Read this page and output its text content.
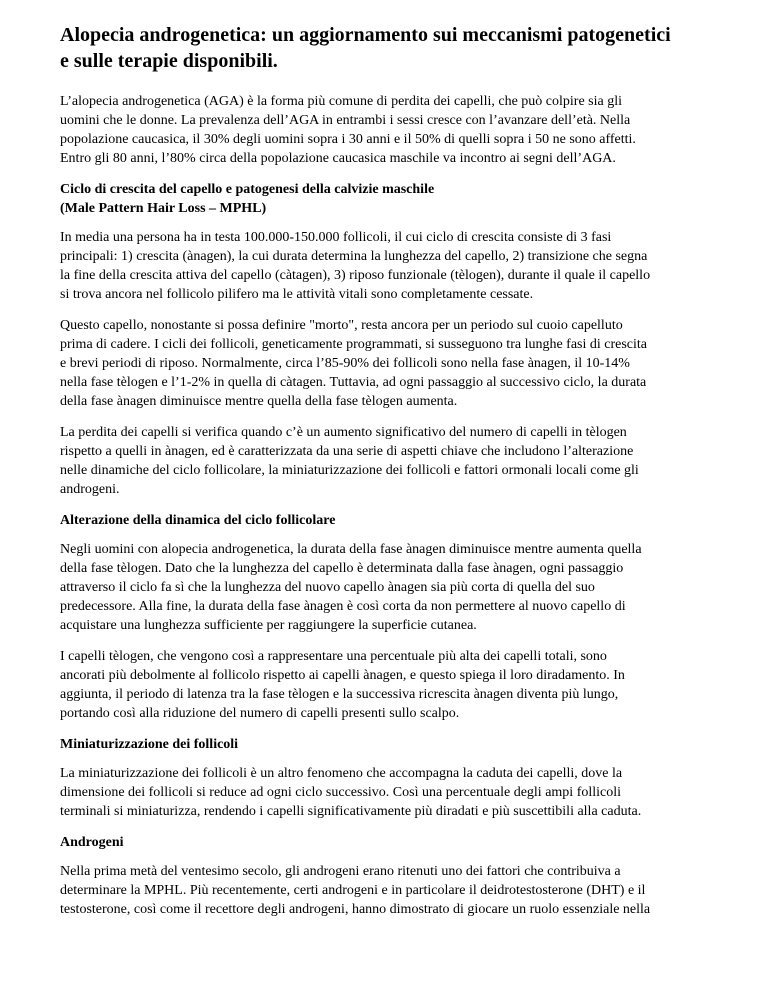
Alopecia androgenetica: un aggiornamento sui meccanismi patogenetici
e sulle terapie disponibili.

L’alopecia androgenetica (AGA) è la forma più comune di perdita dei capelli, che può colpire sia gli
uomini che le donne. La prevalenza dell’AGA in entrambi i sessi cresce con l’avanzare dell’età. Nella
popolazione caucasica, il 30% degli uomini sopra i 30 anni e il 50% di quelli sopra i 50 ne sono affetti.
Entro gli 80 anni, l’80% circa della popolazione caucasica maschile va incontro ai segni dell’AGA.

Ciclo di crescita del capello e patogenesi della calvizie maschile
(Male Pattern Hair Loss – MPHL)

In media una persona ha in testa 100.000-150.000 follicoli, il cui ciclo di crescita consiste di 3 fasi
principali: 1) crescita (ànagen), la cui durata determina la lunghezza del capello, 2) transizione che segna
la fine della crescita attiva del capello (càtagen), 3) riposo funzionale (tèlogen), durante il quale il capello
si trova ancora nel follicolo pilifero ma le attività vitali sono completamente cessate.

Questo capello, nonostante si possa definire "morto", resta ancora per un periodo sul cuoio capelluto
prima di cadere. I cicli dei follicoli, geneticamente programmati, si susseguono tra lunghe fasi di crescita
e brevi periodi di riposo. Normalmente, circa l’85-90% dei follicoli sono nella fase ànagen, il 10-14%
nella fase tèlogen e l’1-2% in quella di càtagen. Tuttavia, ad ogni passaggio al successivo ciclo, la durata
della fase ànagen diminuisce mentre quella della fase tèlogen aumenta.

La perdita dei capelli si verifica quando c’è un aumento significativo del numero di capelli in tèlogen
rispetto a quelli in ànagen, ed è caratterizzata da una serie di aspetti chiave che includono l’alterazione
nelle dinamiche del ciclo follicolare, la miniaturizzazione dei follicoli e fattori ormonali locali come gli
androgeni.

Alterazione della dinamica del ciclo follicolare

Negli uomini con alopecia androgenetica, la durata della fase ànagen diminuisce mentre aumenta quella
della fase tèlogen. Dato che la lunghezza del capello è determinata dalla fase ànagen, ogni passaggio
attraverso il ciclo fa sì che la lunghezza del nuovo capello ànagen sia più corta di quella del suo
predecessore. Alla fine, la durata della fase ànagen è così corta da non permettere al nuovo capello di
acquistare una lunghezza sufficiente per raggiungere la superficie cutanea.

I capelli tèlogen, che vengono così a rappresentare una percentuale più alta dei capelli totali, sono
ancorati più debolmente al follicolo rispetto ai capelli ànagen, e questo spiega il loro diradamento. In
aggiunta, il periodo di latenza tra la fase tèlogen e la successiva ricrescita ànagen diventa più lungo,
portando così alla riduzione del numero di capelli presenti sullo scalpo.

Miniaturizzazione dei follicoli

La miniaturizzazione dei follicoli è un altro fenomeno che accompagna la caduta dei capelli, dove la
dimensione dei follicoli si reduce ad ogni ciclo successivo. Così una percentuale degli ampi follicoli
terminali si miniaturizza, rendendo i capelli significativamente più diradati e più suscettibili alla caduta.

Androgeni

Nella prima metà del ventesimo secolo, gli androgeni erano ritenuti uno dei fattori che contribuiva a
determinare la MPHL. Più recentemente, certi androgeni e in particolare il deidrotestosterone (DHT) e il
testosterone, così come il recettore degli androgeni, hanno dimostrato di giocare un ruolo essenziale nella
